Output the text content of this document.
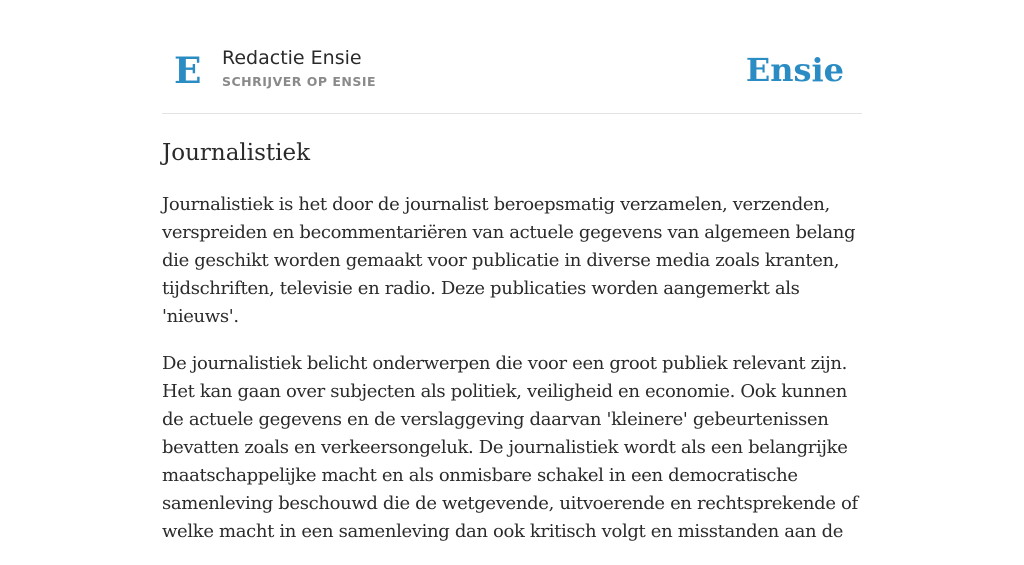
E Redactie Ensie
SCHRIJVER OP ENSIE	Ensie
Journalistiek

Journalistiek is het door de journalist beroepsmatig verzamelen, verzenden, verspreiden en becommentariëren van actuele gegevens van algemeen belang die geschikt worden gemaakt voor publicatie in diverse media zoals kranten, tijdschriften, televisie en radio. Deze publicaties worden aangemerkt als 'nieuws'.

De journalistiek belicht onderwerpen die voor een groot publiek relevant zijn. Het kan gaan over subjecten als politiek, veiligheid en economie. Ook kunnen de actuele gegevens en de verslaggeving daarvan 'kleinere' gebeurtenissen bevatten zoals en verkeersongeluk. De journalistiek wordt als een belangrijke maatschappelijke macht en als onmisbare schakel in een democratische samenleving beschouwd die de wetgevende, uitvoerende en rechtsprekende of welke macht in een samenleving dan ook kritisch volgt en misstanden aan de
